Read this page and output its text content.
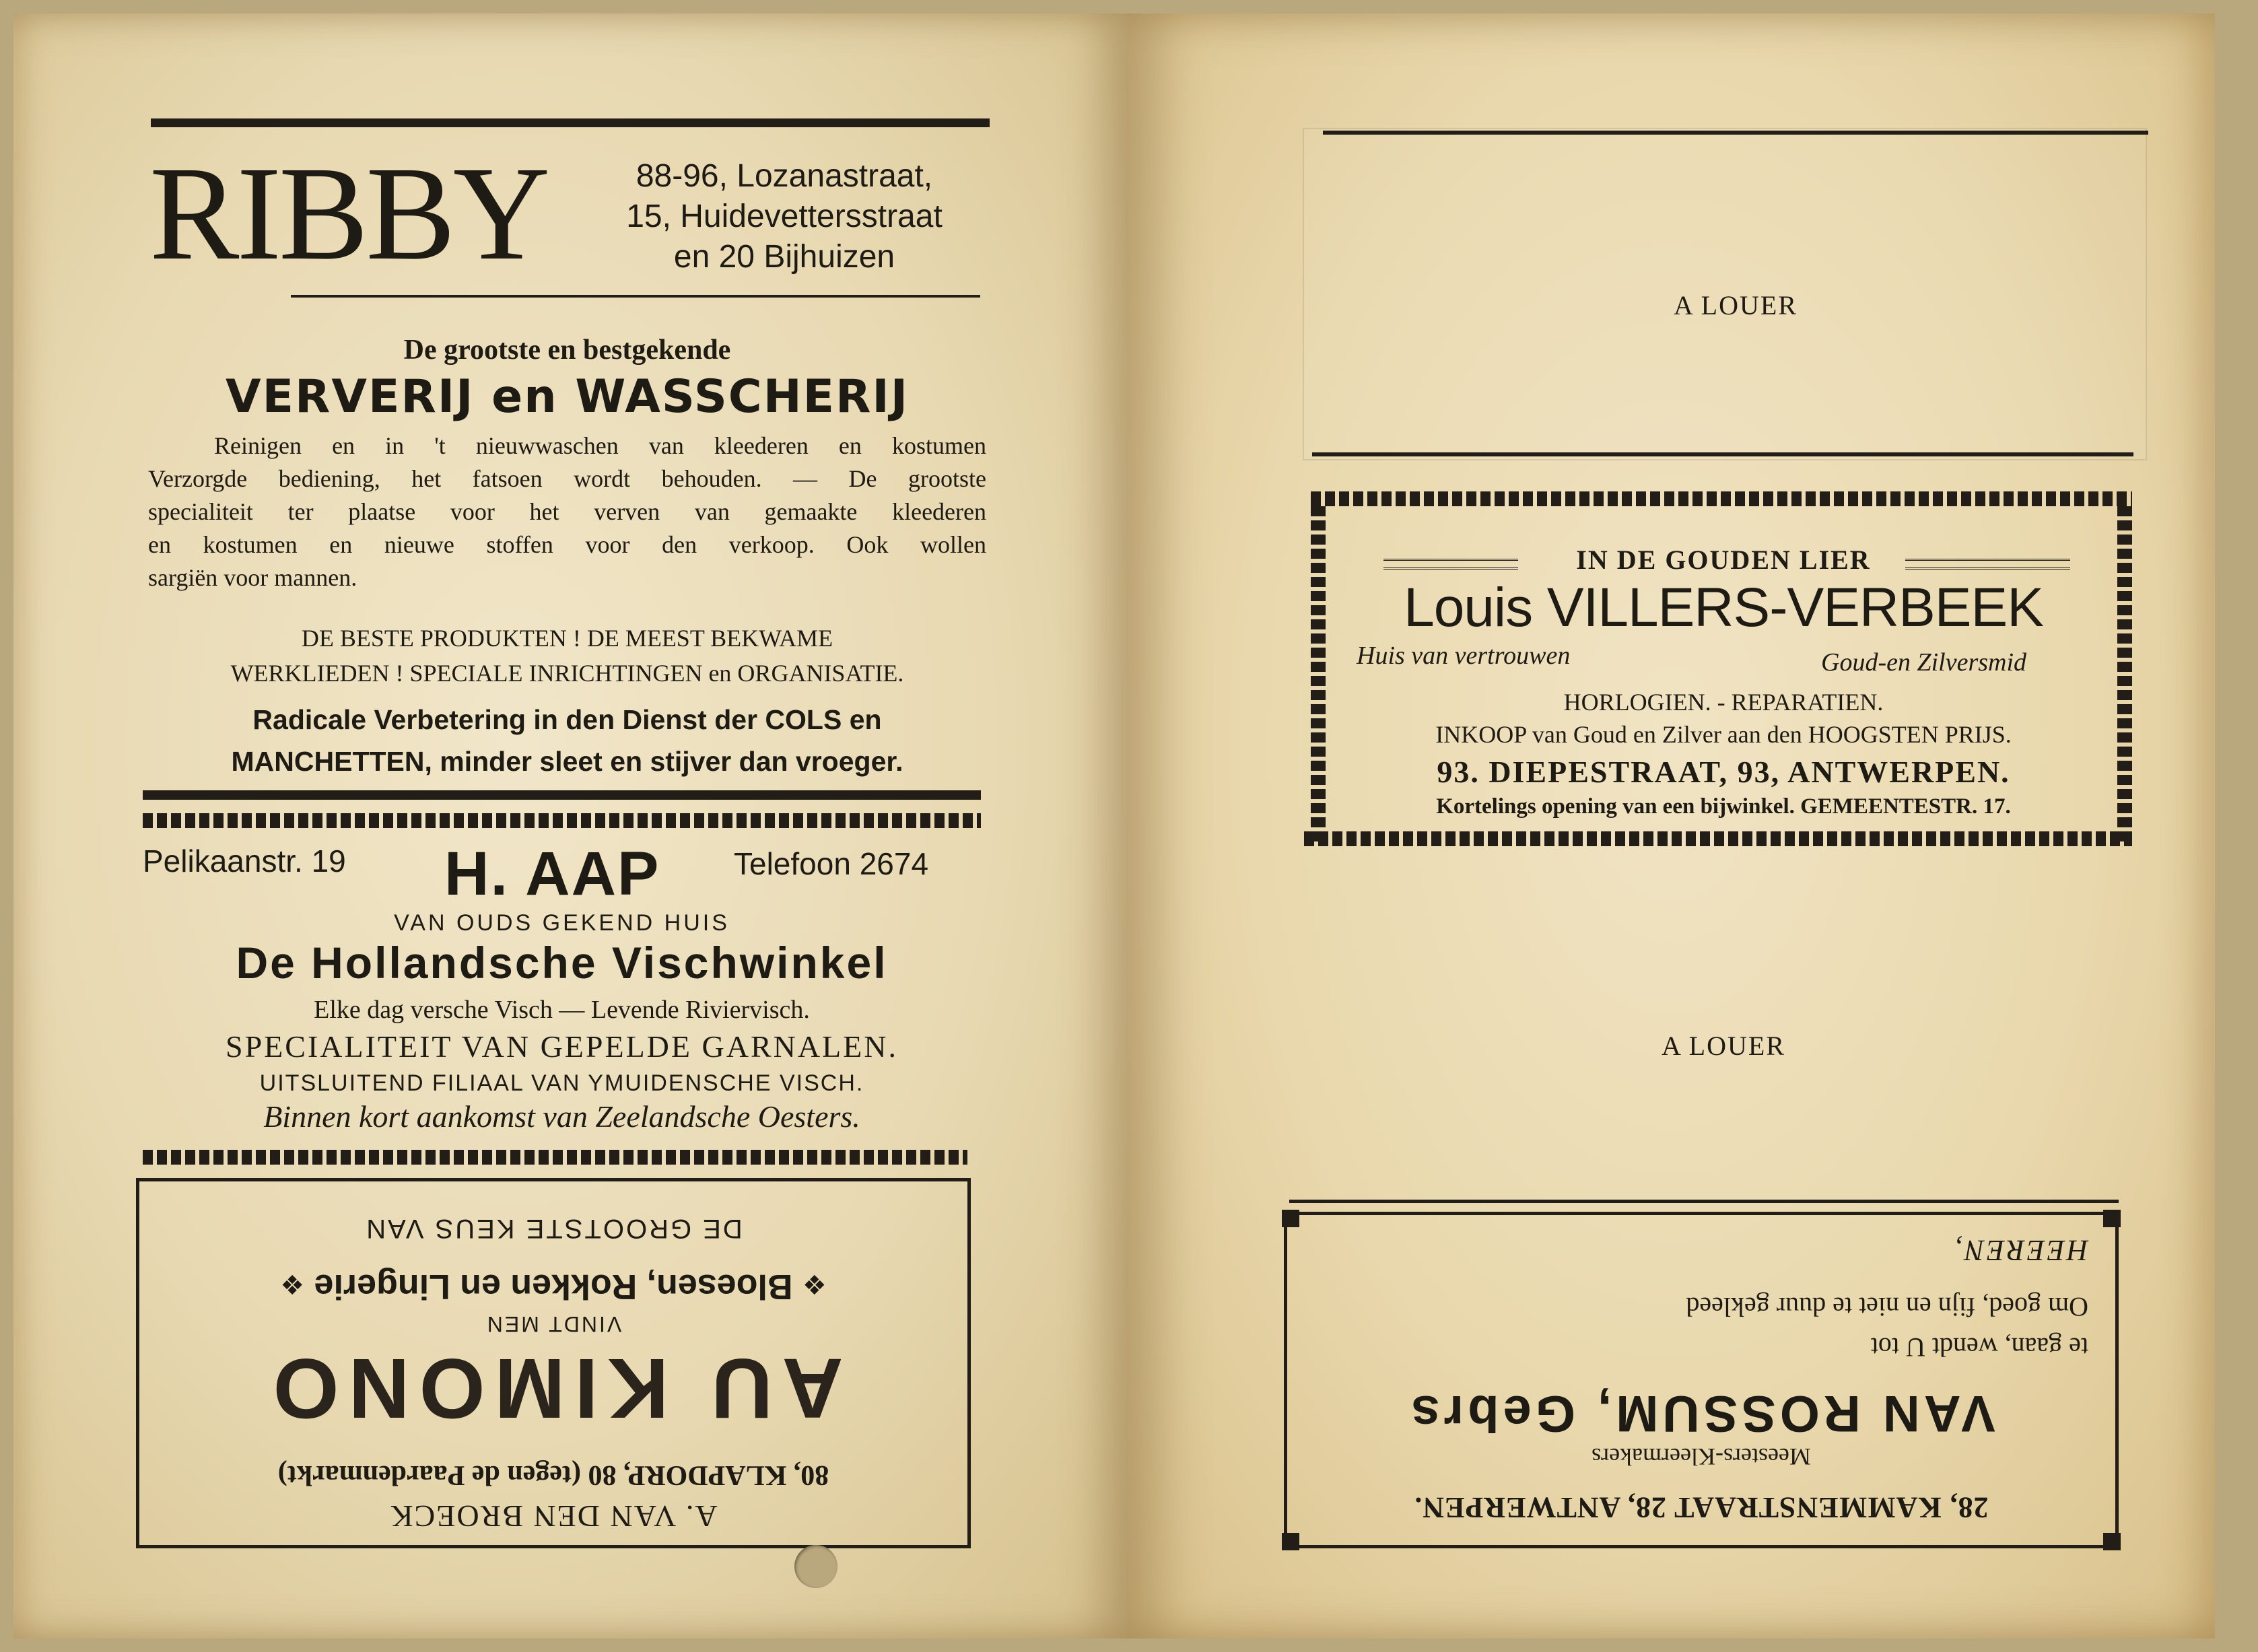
RIBBY	88-96, Lozanastraat,
15, Huidevettersstraat
en 20 Bijhuizen
De grootste en bestgekende
VERVERIJ en WASSCHERIJ
Reinigen en in 't nieuwwaschen van kleederen en kostumen
Verzorgde bediening, het fatsoen wordt behouden. — De grootste
specialiteit ter plaatse voor het verven van gemaakte kleederen
en kostumen en nieuwe stoffen voor den verkoop. Ook wollen
sargiën voor mannen.
DE BESTE PRODUKTEN ! DE MEEST BEKWAME
WERKLIEDEN ! SPECIALE INRICHTINGEN en ORGANISATIE.
Radicale Verbetering in den Dienst der COLS en
MANCHETTEN, minder sleet en stijver dan vroeger.
Pelikaanstr. 19 H. AAP Telefoon 2674
VAN OUDS GEKEND HUIS
De Hollandsche Vischwinkel
Elke dag versche Visch — Levende Riviervisch.
SPECIALITEIT VAN GEPELDE GARNALEN.
UITSLUITEND FILIAAL VAN YMUIDENSCHE VISCH.
Binnen kort aankomst van Zeelandsche Oesters.
A. VAN DEN BROECK
80, KLAPDORP, 80 (tegen de Paardenmarkt)
AU KIMONO
VINDT MEN
❖ Bloesen, Rokken en Lingerie ❖
DE GROOTSTE KEUS VAN
A LOUER
IN DE GOUDEN LIER
Louis VILLERS-VERBEEK
Huis van vertrouwen	Goud-en Zilversmid
HORLOGIEN. - REPARATIEN.
INKOOP van Goud en Zilver aan den HOOGSTEN PRIJS.
93. DIEPESTRAAT, 93, ANTWERPEN.
Kortelings opening van een bijwinkel. GEMEENTESTR. 17.
A LOUER
28, KAMMENSTRAAT 28, ANTWERPEN.
Meesters-Kleermakers
VAN ROSSUM, Gebrs
te gaan, wendt U tot
Om goed, fijn en niet te duur gekleed
HEEREN,
